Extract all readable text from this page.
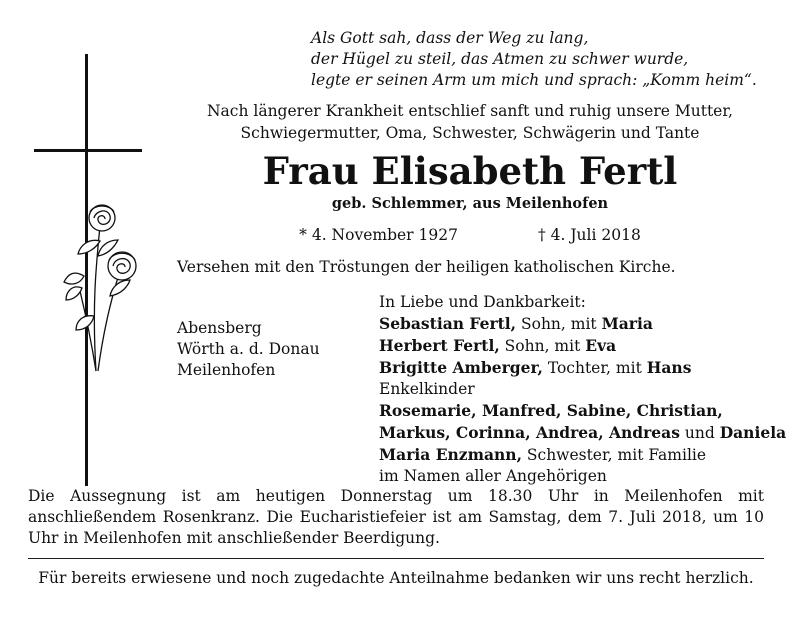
Als Gott sah, dass der Weg zu lang,
der Hügel zu steil, das Atmen zu schwer wurde,
legte er seinen Arm um mich und sprach: „Komm heim“.
Nach längerer Krankheit entschlief sanft und ruhig unsere Mutter,
Schwiegermutter, Oma, Schwester, Schwägerin und Tante
Frau Elisabeth Fertl
geb. Schlemmer, aus Meilenhofen
* 4. November 1927	† 4. Juli 2018
Versehen mit den Tröstungen der heiligen katholischen Kirche.
Abensberg
Wörth a. d. Donau
Meilenhofen
In Liebe und Dankbarkeit:
Sebastian Fertl, Sohn, mit Maria
Herbert Fertl, Sohn, mit Eva
Brigitte Amberger, Tochter, mit Hans
Enkelkinder
Rosemarie, Manfred, Sabine, Christian,
Markus, Corinna, Andrea, Andreas und Daniela
Maria Enzmann, Schwester, mit Familie
im Namen aller Angehörigen
Die Aussegnung ist am heutigen Donnerstag um 18.30 Uhr in Meilenhofen mit anschließendem Rosenkranz. Die Eucharistiefeier ist am Samstag, dem 7. Juli 2018, um 10 Uhr in Meilenhofen mit anschließender Beerdigung.
Für bereits erwiesene und noch zugedachte Anteilnahme bedanken wir uns recht herzlich.
